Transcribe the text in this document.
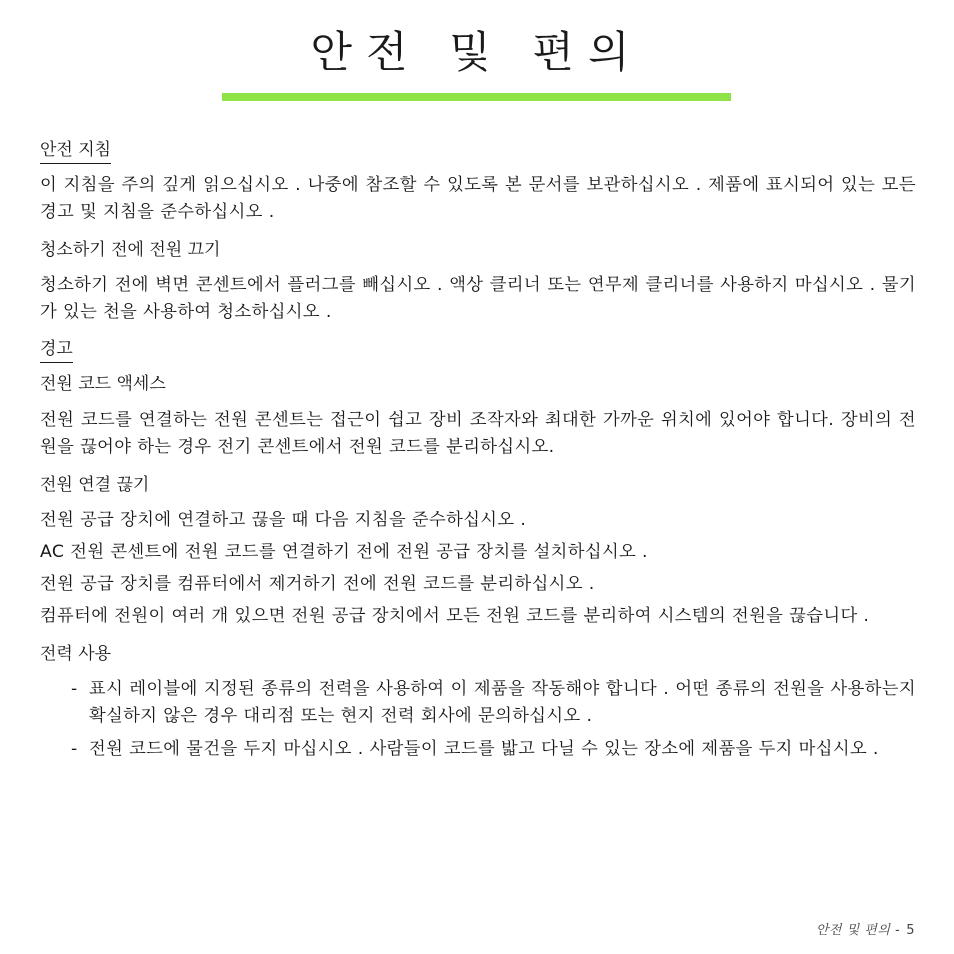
안전 및 편의
안전 지침

이 지침을 주의 깊게 읽으십시오 . 나중에 참조할 수 있도록 본 문서를 보관하십시오 . 제품에 표시되어 있는 모든 경고 및 지침을 준수하십시오 .

청소하기 전에 전원 끄기

청소하기 전에 벽면 콘센트에서 플러그를 빼십시오 . 액상 클리너 또는 연무제 클리너를 사용하지 마십시오 . 물기가 있는 천을 사용하여 청소하십시오 .

경고

전원 코드 액세스

전원 코드를 연결하는 전원 콘센트는 접근이 쉽고 장비 조작자와 최대한 가까운 위치에 있어야 합니다. 장비의 전원을 끊어야 하는 경우 전기 콘센트에서 전원 코드를 분리하십시오.

전원 연결 끊기

전원 공급 장치에 연결하고 끊을 때 다음 지침을 준수하십시오 .

AC 전원 콘센트에 전원 코드를 연결하기 전에 전원 공급 장치를 설치하십시오 .

전원 공급 장치를 컴퓨터에서 제거하기 전에 전원 코드를 분리하십시오 .

컴퓨터에 전원이 여러 개 있으면 전원 공급 장치에서 모든 전원 코드를 분리하여 시스템의 전원을 끊습니다 .

전력 사용

- 표시 레이블에 지정된 종류의 전력을 사용하여 이 제품을 작동해야 합니다 . 어떤 종류의 전원을 사용하는지 확실하지 않은 경우 대리점 또는 현지 전력 회사에 문의하십시오 .
- 전원 코드에 물건을 두지 마십시오 . 사람들이 코드를 밟고 다닐 수 있는 장소에 제품을 두지 마십시오 .
안전 및 편의 - 5
